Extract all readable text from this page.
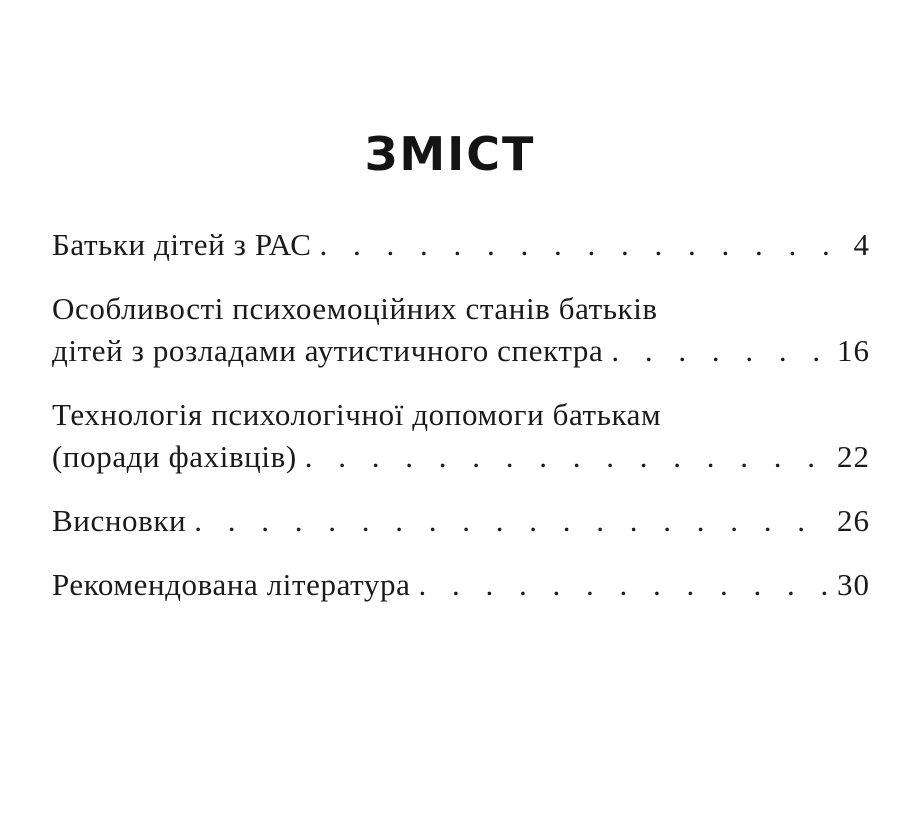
ЗМІСТ
Батьки дітей з РАС . . .	4
Особливості психоемоційних станів батьків
дітей з розладами аутистичного спектра . . .	16
Технологія психологічної допомоги батькам
(поради фахівців) . . .	22
Висновки . . .	26
Рекомендована література . . .	30
